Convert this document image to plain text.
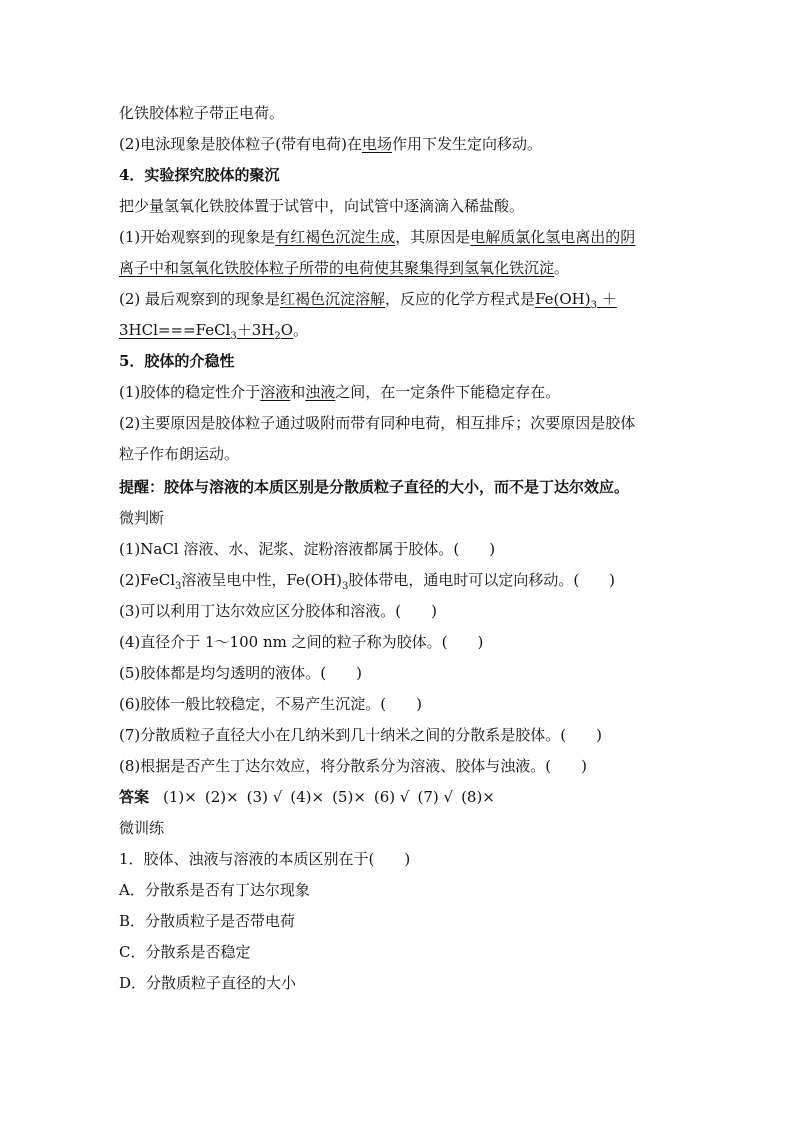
化铁胶体粒子带正电荷。
(2)电泳现象是胶体粒子(带有电荷)在电场作用下发生定向移动。
4．实验探究胶体的聚沉
把少量氢氧化铁胶体置于试管中，向试管中逐滴滴入稀盐酸。
(1)开始观察到的现象是有红褐色沉淀生成，其原因是电解质氯化氢电离出的阴
离子中和氢氧化铁胶体粒子所带的电荷使其聚集得到氢氧化铁沉淀。
(2) 最后观察到的现象是红褐色沉淀溶解，反应的化学方程式是$Fe(OH)_3$ ＋
$3HCl===FeCl_3+3H_2O$。
5．胶体的介稳性
(1)胶体的稳定性介于溶液和浊液之间，在一定条件下能稳定存在。
(2)主要原因是胶体粒子通过吸附而带有同种电荷，相互排斥；次要原因是胶体
粒子作布朗运动。
提醒：胶体与溶液的本质区别是分散质粒子直径的大小，而不是丁达尔效应。
微判断
(1)NaCl 溶液、水、泥浆、淀粉溶液都属于胶体。(　　)
(2)FeCl$_3$溶液呈电中性，$Fe(OH)_3$胶体带电，通电时可以定向移动。(　　)
(3)可以利用丁达尔效应区分胶体和溶液。(　　)
(4)直径介于 1～100 nm 之间的粒子称为胶体。(　　)
(5)胶体都是均匀透明的液体。(　　)
(6)胶体一般比较稳定，不易产生沉淀。(　　)
(7)分散质粒子直径大小在几纳米到几十纳米之间的分散系是胶体。(　　)
(8)根据是否产生丁达尔效应，将分散系分为溶液、胶体与浊液。(　　)
答案 (1)× (2)× (3) √ (4)× (5)× (6) √ (7) √ (8)×
微训练
1．胶体、浊液与溶液的本质区别在于(　　)
A．分散系是否有丁达尔现象
B．分散质粒子是否带电荷
C．分散系是否稳定
D．分散质粒子直径的大小
